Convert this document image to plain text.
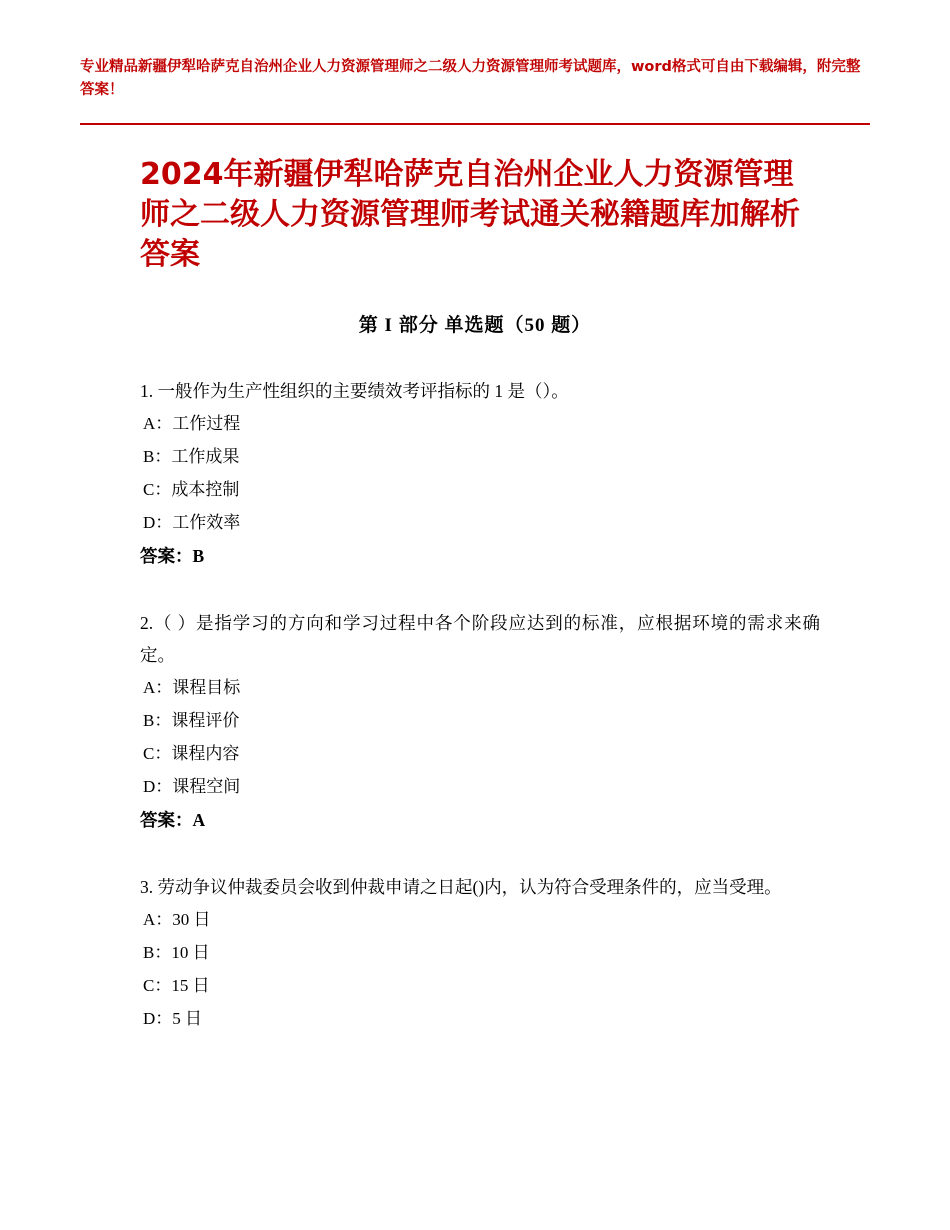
专业精品新疆伊犁哈萨克自治州企业人力资源管理师之二级人力资源管理师考试题库，word格式可自由下载编辑，附完整答案！
2024年新疆伊犁哈萨克自治州企业人力资源管理师之二级人力资源管理师考试通关秘籍题库加解析答案
第 I 部分 单选题（50 题）
1. 一般作为生产性组织的主要绩效考评指标的 1 是（）。
A：工作过程
B：工作成果
C：成本控制
D：工作效率
答案：B
2.（ ）是指学习的方向和学习过程中各个阶段应达到的标准，应根据环境的需求来确定。
A：课程目标
B：课程评价
C：课程内容
D：课程空间
答案：A
3. 劳动争议仲裁委员会收到仲裁申请之日起()内，认为符合受理条件的，应当受理。
A：30 日
B：10 日
C：15 日
D：5 日
